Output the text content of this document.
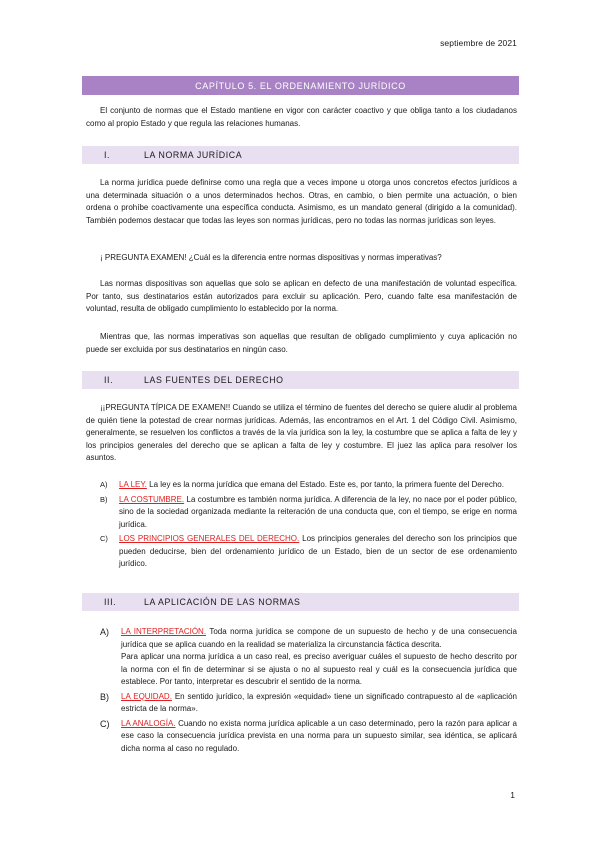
septiembre de 2021
CAPÍTULO 5. EL ORDENAMIENTO JURÍDICO
El conjunto de normas que el Estado mantiene en vigor con carácter coactivo y que obliga tanto a los ciudadanos como al propio Estado y que regula las relaciones humanas.
I.	LA NORMA JURÍDICA
La norma jurídica puede definirse como una regla que a veces impone u otorga unos concretos efectos jurídicos a una determinada situación o a unos determinados hechos. Otras, en cambio, o bien permite una actuación, o bien ordena o prohíbe coactivamente una específica conducta. Asimismo, es un mandato general (dirigido a la comunidad). También podemos destacar que todas las leyes son normas jurídicas, pero no todas las normas jurídicas son leyes.
¡ PREGUNTA EXAMEN! ¿Cuál es la diferencia entre normas dispositivas y normas imperativas?
Las normas dispositivas son aquellas que solo se aplican en defecto de una manifestación de voluntad específica. Por tanto, sus destinatarios están autorizados para excluir su aplicación. Pero, cuando falte esa manifestación de voluntad, resulta de obligado cumplimiento lo establecido por la norma.
Mientras que, las normas imperativas son aquellas que resultan de obligado cumplimiento y cuya aplicación no puede ser excluida por sus destinatarios en ningún caso.
II.	LAS FUENTES DEL DERECHO
¡¡PREGUNTA TÍPICA DE EXAMEN!! Cuando se utiliza el término de fuentes del derecho se quiere aludir al problema de quién tiene la potestad de crear normas jurídicas. Además, las encontramos en el Art. 1 del Código Civil. Asimismo, generalmente, se resuelven los conflictos a través de la vía jurídica son la ley, la costumbre que se aplica a falta de ley y los principios generales del derecho que se aplican a falta de ley y costumbre. El juez las aplica para resolver los asuntos.
A) LA LEY. La ley es la norma jurídica que emana del Estado. Este es, por tanto, la primera fuente del Derecho.
B) LA COSTUMBRE. La costumbre es también norma jurídica. A diferencia de la ley, no nace por el poder público, sino de la sociedad organizada mediante la reiteración de una conducta que, con el tiempo, se erige en norma jurídica.
C) LOS PRINCIPIOS GENERALES DEL DERECHO. Los principios generales del derecho son los principios que pueden deducirse, bien del ordenamiento jurídico de un Estado, bien de un sector de ese ordenamiento jurídico.
III.	LA APLICACIÓN DE LAS NORMAS
A) LA INTERPRETACIÓN. Toda norma jurídica se compone de un supuesto de hecho y de una consecuencia jurídica que se aplica cuando en la realidad se materializa la circunstancia fáctica descrita.
Para aplicar una norma jurídica a un caso real, es preciso averiguar cuáles el supuesto de hecho descrito por la norma con el fin de determinar si se ajusta o no al supuesto real y cuál es la consecuencia jurídica que establece. Por tanto, interpretar es descubrir el sentido de la norma.
B) LA EQUIDAD. En sentido jurídico, la expresión «equidad» tiene un significado contrapuesto al de «aplicación estricta de la norma».
C) LA ANALOGÍA. Cuando no exista norma jurídica aplicable a un caso determinado, pero la razón para aplicar a ese caso la consecuencia jurídica prevista en una norma para un supuesto similar, sea idéntica, se aplicará dicha norma al caso no regulado.
1
